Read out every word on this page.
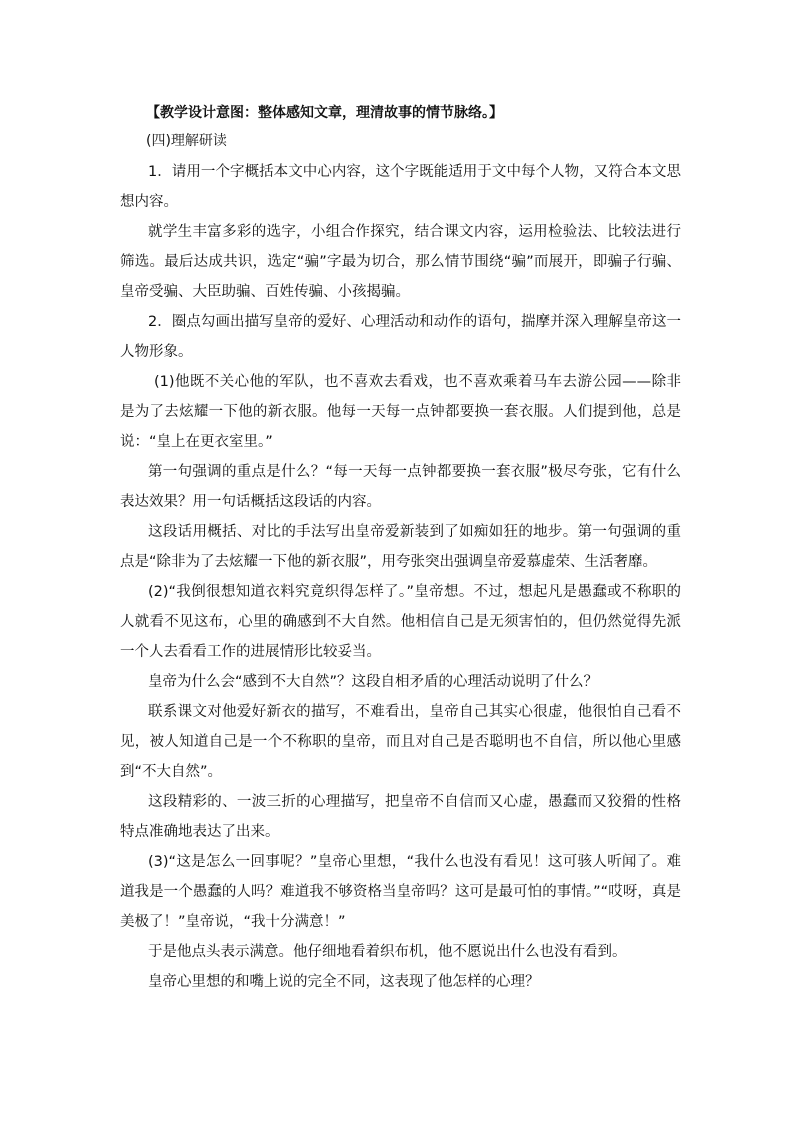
【教学设计意图：整体感知文章，理清故事的情节脉络。】
(四)理解研读

1．请用一个字概括本文中心内容，这个字既能适用于文中每个人物，又符合本文思想内容。

就学生丰富多彩的选字，小组合作探究，结合课文内容，运用检验法、比较法进行筛选。最后达成共识，选定“骗”字最为切合，那么情节围绕“骗”而展开，即骗子行骗、皇帝受骗、大臣助骗、百姓传骗、小孩揭骗。

2．圈点勾画出描写皇帝的爱好、心理活动和动作的语句，揣摩并深入理解皇帝这一人物形象。

(1)他既不关心他的军队，也不喜欢去看戏，也不喜欢乘着马车去游公园——除非是为了去炫耀一下他的新衣服。他每一天每一点钟都要换一套衣服。人们提到他，总是说：“皇上在更衣室里。”

第一句强调的重点是什么？“每一天每一点钟都要换一套衣服”极尽夸张，它有什么表达效果？用一句话概括这段话的内容。

这段话用概括、对比的手法写出皇帝爱新装到了如痴如狂的地步。第一句强调的重点是“除非为了去炫耀一下他的新衣服”，用夸张突出强调皇帝爱慕虚荣、生活奢靡。

(2)“我倒很想知道衣料究竟织得怎样了。”皇帝想。不过，想起凡是愚蠢或不称职的人就看不见这布，心里的确感到不大自然。他相信自己是无须害怕的，但仍然觉得先派一个人去看看工作的进展情形比较妥当。

皇帝为什么会“感到不大自然”？这段自相矛盾的心理活动说明了什么？

联系课文对他爱好新衣的描写，不难看出，皇帝自己其实心很虚，他很怕自己看不见，被人知道自己是一个不称职的皇帝，而且对自己是否聪明也不自信，所以他心里感到“不大自然”。

这段精彩的、一波三折的心理描写，把皇帝不自信而又心虚，愚蠢而又狡猾的性格特点准确地表达了出来。

(3)“这是怎么一回事呢？”皇帝心里想，“我什么也没有看见！这可骇人听闻了。难道我是一个愚蠢的人吗？难道我不够资格当皇帝吗？这可是最可怕的事情。”“哎呀，真是美极了！”皇帝说，“我十分满意！”

于是他点头表示满意。他仔细地看着织布机，他不愿说出什么也没有看到。

皇帝心里想的和嘴上说的完全不同，这表现了他怎样的心理？
